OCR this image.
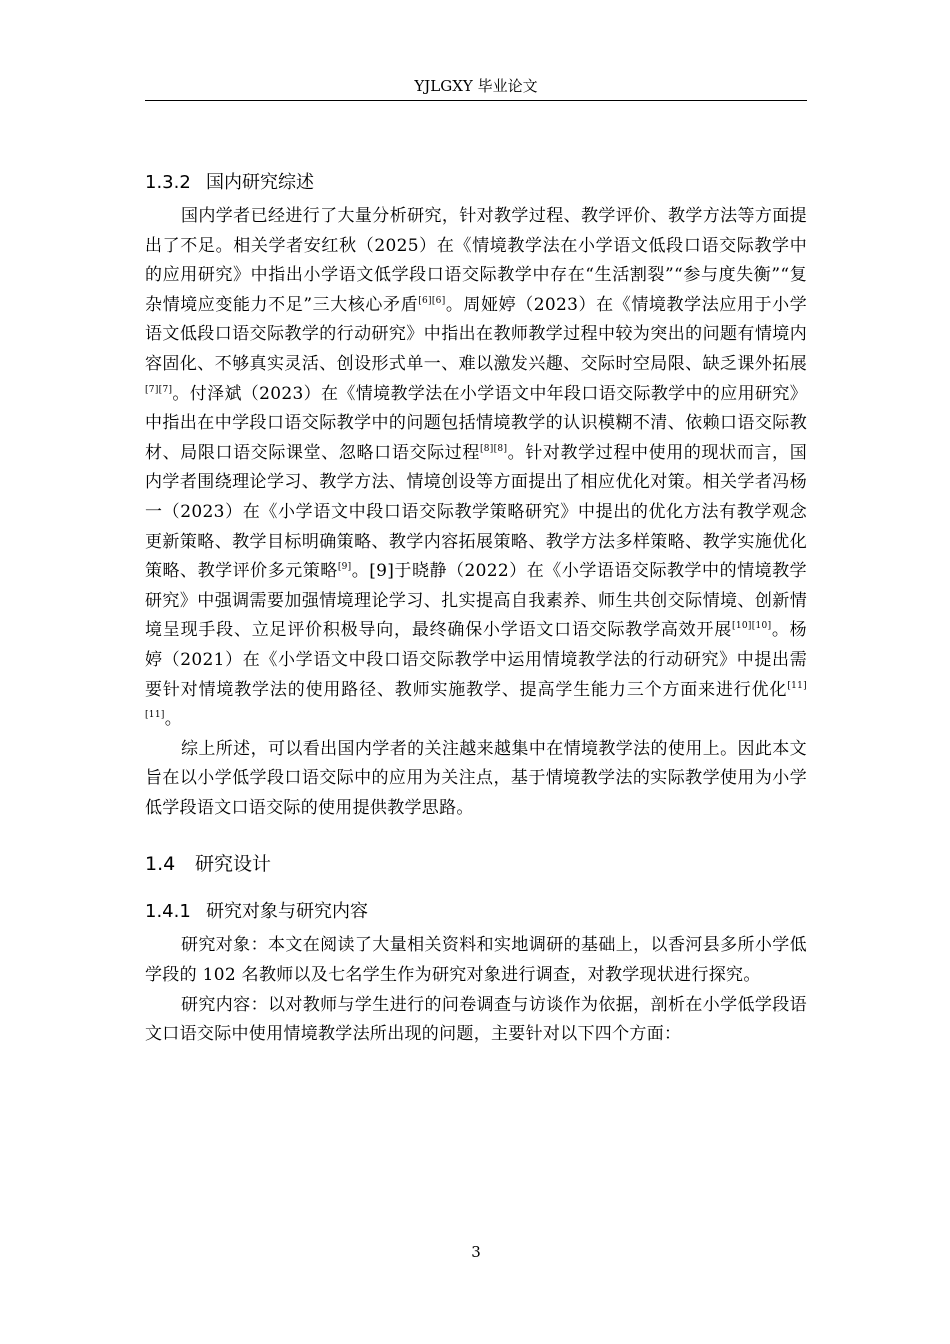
YJLGXY 毕业论文
1.3.2 国内研究综述

国内学者已经进行了大量分析研究，针对教学过程、教学评价、教学方法等方面提出了不足。相关学者安红秋（2025）在《情境教学法在小学语文低段口语交际教学中的应用研究》中指出小学语文低学段口语交际教学中存在“生活割裂”“参与度失衡”“复杂情境应变能力不足”三大核心矛盾[6][6]。周娅婷（2023）在《情境教学法应用于小学语文低段口语交际教学的行动研究》中指出在教师教学过程中较为突出的问题有情境内容固化、不够真实灵活、创设形式单一、难以激发兴趣、交际时空局限、缺乏课外拓展[7][7]。付泽斌（2023）在《情境教学法在小学语文中年段口语交际教学中的应用研究》中指出在中学段口语交际教学中的问题包括情境教学的认识模糊不清、依赖口语交际教材、局限口语交际课堂、忽略口语交际过程[8][8]。针对教学过程中使用的现状而言，国内学者围绕理论学习、教学方法、情境创设等方面提出了相应优化对策。相关学者冯杨一（2023）在《小学语文中段口语交际教学策略研究》中提出的优化方法有教学观念更新策略、教学目标明确策略、教学内容拓展策略、教学方法多样策略、教学实施优化策略、教学评价多元策略[9]。[9]于晓静（2022）在《小学语语交际教学中的情境教学研究》中强调需要加强情境理论学习、扎实提高自我素养、师生共创交际情境、创新情境呈现手段、立足评价积极导向，最终确保小学语文口语交际教学高效开展[10][10]。杨婷（2021）在《小学语文中段口语交际教学中运用情境教学法的行动研究》中提出需要针对情境教学法的使用路径、教师实施教学、提高学生能力三个方面来进行优化[11][11]。

综上所述，可以看出国内学者的关注越来越集中在情境教学法的使用上。因此本文旨在以小学低学段口语交际中的应用为关注点，基于情境教学法的实际教学使用为小学低学段语文口语交际的使用提供教学思路。

1.4 研究设计
1.4.1 研究对象与研究内容

研究对象：本文在阅读了大量相关资料和实地调研的基础上，以香河县多所小学低学段的 102 名教师以及七名学生作为研究对象进行调查，对教学现状进行探究。

研究内容：以对教师与学生进行的问卷调查与访谈作为依据，剖析在小学低学段语文口语交际中使用情境教学法所出现的问题，主要针对以下四个方面：

3
